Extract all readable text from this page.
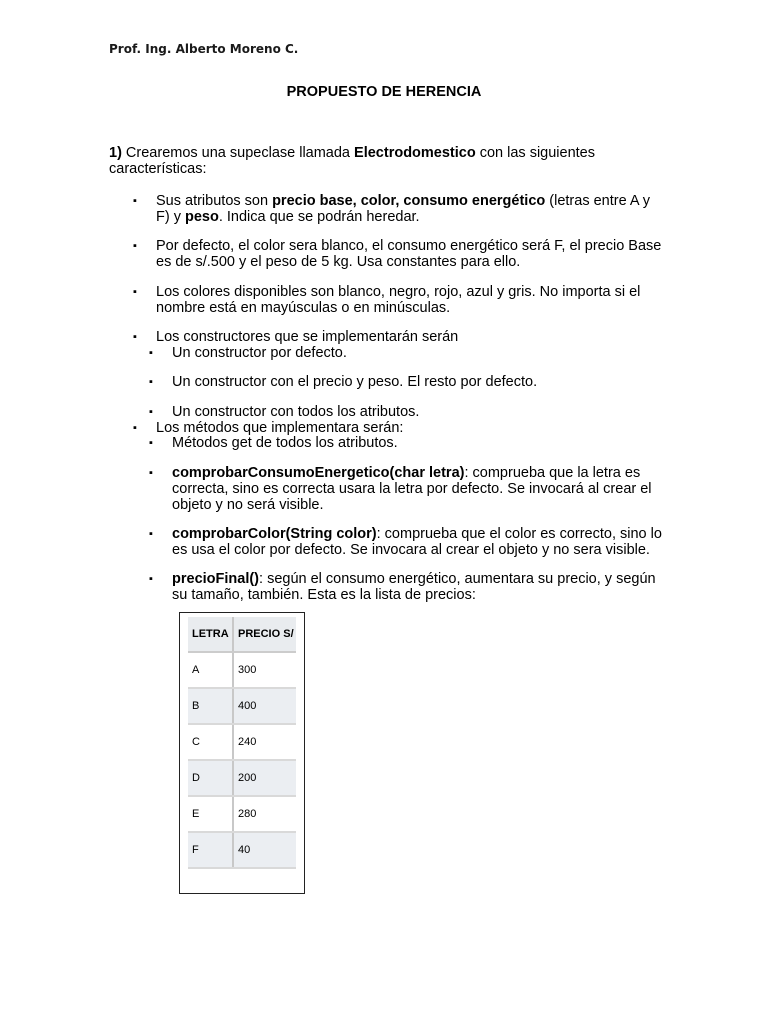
Prof. Ing. Alberto Moreno C.
PROPUESTO DE HERENCIA
1) Crearemos una supeclase llamada Electrodomestico con las siguientes
características:
▪ Sus atributos son precio base, color, consumo energético (letras entre A y
F) y peso. Indica que se podrán heredar.
▪ Por defecto, el color sera blanco, el consumo energético será F, el precio Base
es de s/.500 y el peso de 5 kg. Usa constantes para ello.
▪ Los colores disponibles son blanco, negro, rojo, azul y gris. No importa si el
nombre está en mayúsculas o en minúsculas.
▪ Los constructores que se implementarán serán
▪ Un constructor por defecto.
▪ Un constructor con el precio y peso. El resto por defecto.
▪ Un constructor con todos los atributos.
▪ Los métodos que implementara serán:
▪ Métodos get de todos los atributos.
▪ comprobarConsumoEnergetico(char letra): comprueba que la letra es
correcta, sino es correcta usara la letra por defecto. Se invocará al crear el
objeto y no será visible.
▪ comprobarColor(String color): comprueba que el color es correcto, sino lo
es usa el color por defecto. Se invocara al crear el objeto y no sera visible.
▪ precioFinal(): según el consumo energético, aumentara su precio, y según
su tamaño, también. Esta es la lista de precios:
LETRA	PRECIO S/
A	300
B	400
C	240
D	200
E	280
F	40
